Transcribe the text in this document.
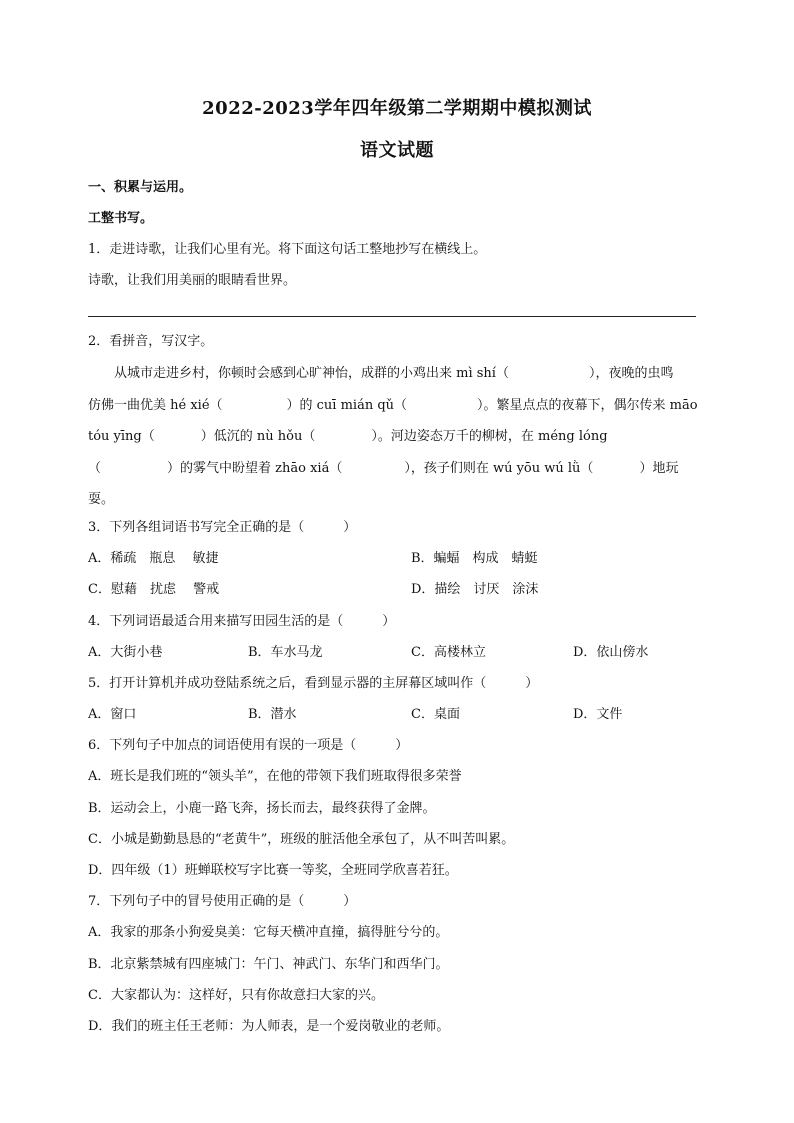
2022-2023学年四年级第二学期期中模拟测试
语文试题
一、积累与运用。
工整书写。
1．走进诗歌，让我们心里有光。将下面这句话工整地抄写在横线上。
诗歌，让我们用美丽的眼睛看世界。
2．看拼音，写汉字。
从城市走进乡村，你顿时会感到心旷神怡，成群的小鸡出来 mì shí（	），夜晚的虫鸣
仿佛一曲优美 hé xié（	）的 cuī mián qǔ（	）。繁星点点的夜幕下，偶尔传来 māo
tóu yīng（	）低沉的 nù hǒu（	）。河边姿态万千的柳树，在 méng lóng
（	）的雾气中盼望着 zhāo xiá（	），孩子们则在 wú yōu wú lǜ（	）地玩
耍。
3．下列各组词语书写完全正确的是（　　　）
A．稀疏　瓶息　 敏捷	B．蝙蝠　构成　蜻蜓
C．慰藉　扰虑　 警戒	D．描绘　讨厌　涂沫
4．下列词语最适合用来描写田园生活的是（　　　）
A．大街小巷	B．车水马龙	C．高楼林立	D．依山傍水
5．打开计算机并成功登陆系统之后，看到显示器的主屏幕区域叫作（　　　）
A．窗口	B．潜水	C．桌面	D．文件
6．下列句子中加点的词语使用有误的一项是（　　　）
A．班长是我们班的“领头羊”，在他的带领下我们班取得很多荣誉
B．运动会上，小鹿一路飞奔，扬长而去，最终获得了金牌。
C．小城是勤勤恳恳的“老黄牛”，班级的脏活他全承包了，从不叫苦叫累。
D．四年级（1）班蝉联校写字比赛一等奖，全班同学欣喜若狂。
7．下列句子中的冒号使用正确的是（　　　）
A．我家的那条小狗爱臭美：它每天横冲直撞，搞得脏兮兮的。
B．北京紫禁城有四座城门：午门、神武门、东华门和西华门。
C．大家都认为：这样好，只有你故意扫大家的兴。
D．我们的班主任王老师：为人师表，是一个爱岗敬业的老师。
